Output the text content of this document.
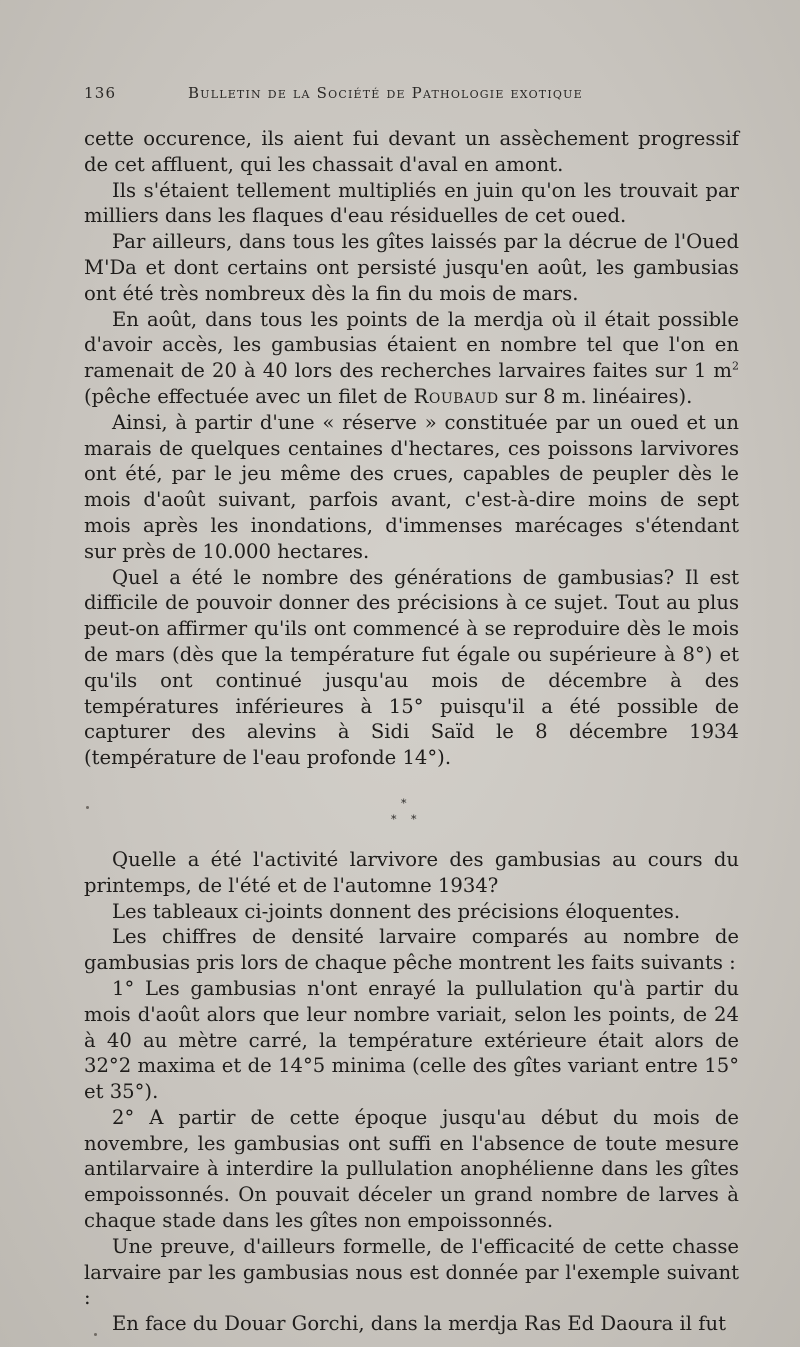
136	Bulletin de la Société de Pathologie exotique

cette occurence, ils aient fui devant un assèchement progressif de cet affluent, qui les chassait d'aval en amont.

Ils s'étaient tellement multipliés en juin qu'on les trouvait par milliers dans les flaques d'eau résiduelles de cet oued.

Par ailleurs, dans tous les gîtes laissés par la décrue de l'Oued M'Da et dont certains ont persisté jusqu'en août, les gambusias ont été très nombreux dès la fin du mois de mars.

En août, dans tous les points de la merdja où il était possible d'avoir accès, les gambusias étaient en nombre tel que l'on en ramenait de 20 à 40 lors des recherches larvaires faites sur 1 $m^2$ (pêche effectuée avec un filet de Roubaud sur 8 m. linéaires).

Ainsi, à partir d'une « réserve » constituée par un oued et un marais de quelques centaines d'hectares, ces poissons larvivores ont été, par le jeu même des crues, capables de peupler dès le mois d'août suivant, parfois avant, c'est-à-dire moins de sept mois après les inondations, d'immenses marécages s'étendant sur près de 10.000 hectares.

Quel a été le nombre des générations de gambusias? Il est difficile de pouvoir donner des précisions à ce sujet. Tout au plus peut-on affirmer qu'ils ont commencé à se reproduire dès le mois de mars (dès que la température fut égale ou supérieure à 8°) et qu'ils ont continué jusqu'au mois de décembre à des températures inférieures à 15° puisqu'il a été possible de capturer des alevins à Sidi Saïd le 8 décembre 1934 (température de l'eau profonde 14°).

*
* *

Quelle a été l'activité larvivore des gambusias au cours du printemps, de l'été et de l'automne 1934?

Les tableaux ci-joints donnent des précisions éloquentes.

Les chiffres de densité larvaire comparés au nombre de gambusias pris lors de chaque pêche montrent les faits suivants :

1° Les gambusias n'ont enrayé la pullulation qu'à partir du mois d'août alors que leur nombre variait, selon les points, de 24 à 40 au mètre carré, la température extérieure était alors de 32°2 maxima et de 14°5 minima (celle des gîtes variant entre 15° et 35°).

2° A partir de cette époque jusqu'au début du mois de novembre, les gambusias ont suffi en l'absence de toute mesure antilarvaire à interdire la pullulation anophélienne dans les gîtes empoissonnés. On pouvait déceler un grand nombre de larves à chaque stade dans les gîtes non empoissonnés.

Une preuve, d'ailleurs formelle, de l'efficacité de cette chasse larvaire par les gambusias nous est donnée par l'exemple suivant :

En face du Douar Gorchi, dans la merdja Ras Ed Daoura il fut
